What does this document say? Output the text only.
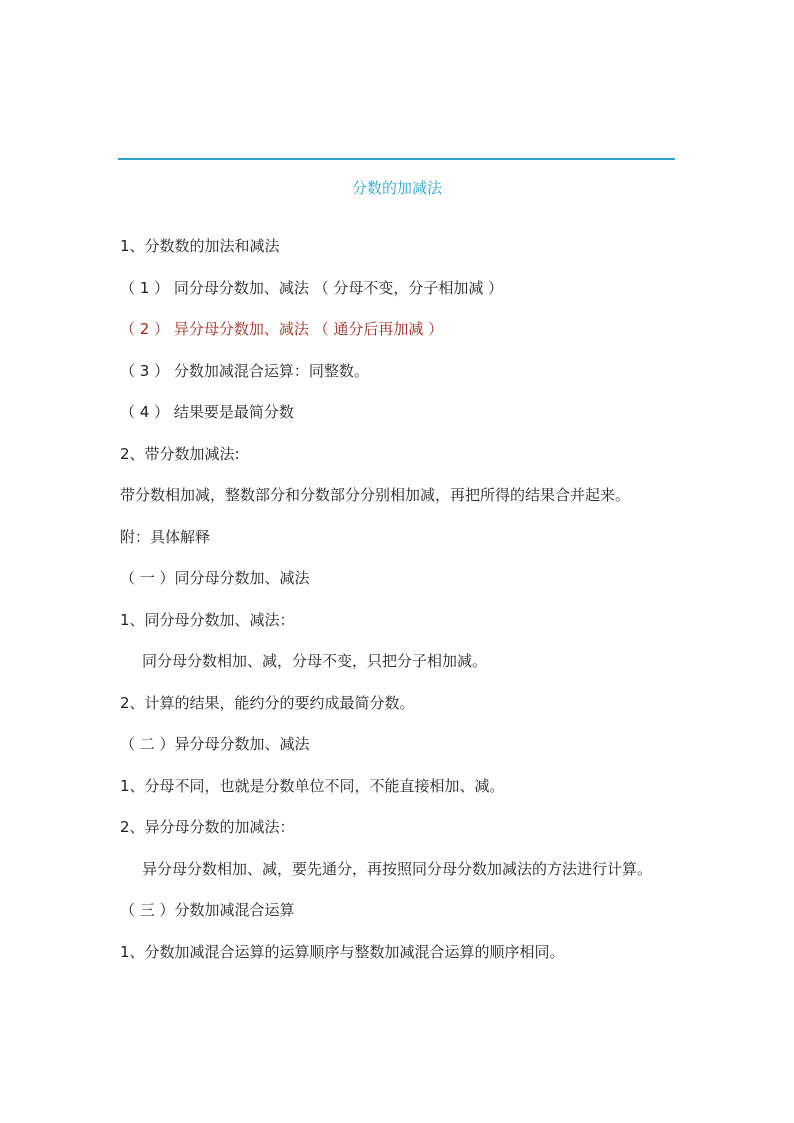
分数的加减法
1、分数数的加法和减法
（ 1 ） 同分母分数加、减法 （ 分母不变，分子相加减 ）
（ 2 ） 异分母分数加、减法 （ 通分后再加减 ）
（ 3 ） 分数加减混合运算：同整数。
（ 4 ） 结果要是最简分数
2、带分数加减法:
带分数相加减，整数部分和分数部分分别相加减，再把所得的结果合并起来。
附：具体解释
（ 一 ）同分母分数加、减法
1、同分母分数加、减法：
同分母分数相加、减，分母不变，只把分子相加减。
2、计算的结果，能约分的要约成最简分数。
（ 二 ）异分母分数加、减法
1、分母不同，也就是分数单位不同，不能直接相加、减。
2、异分母分数的加减法：
异分母分数相加、减，要先通分，再按照同分母分数加减法的方法进行计算。
（ 三 ）分数加减混合运算
1、分数加减混合运算的运算顺序与整数加减混合运算的顺序相同。
